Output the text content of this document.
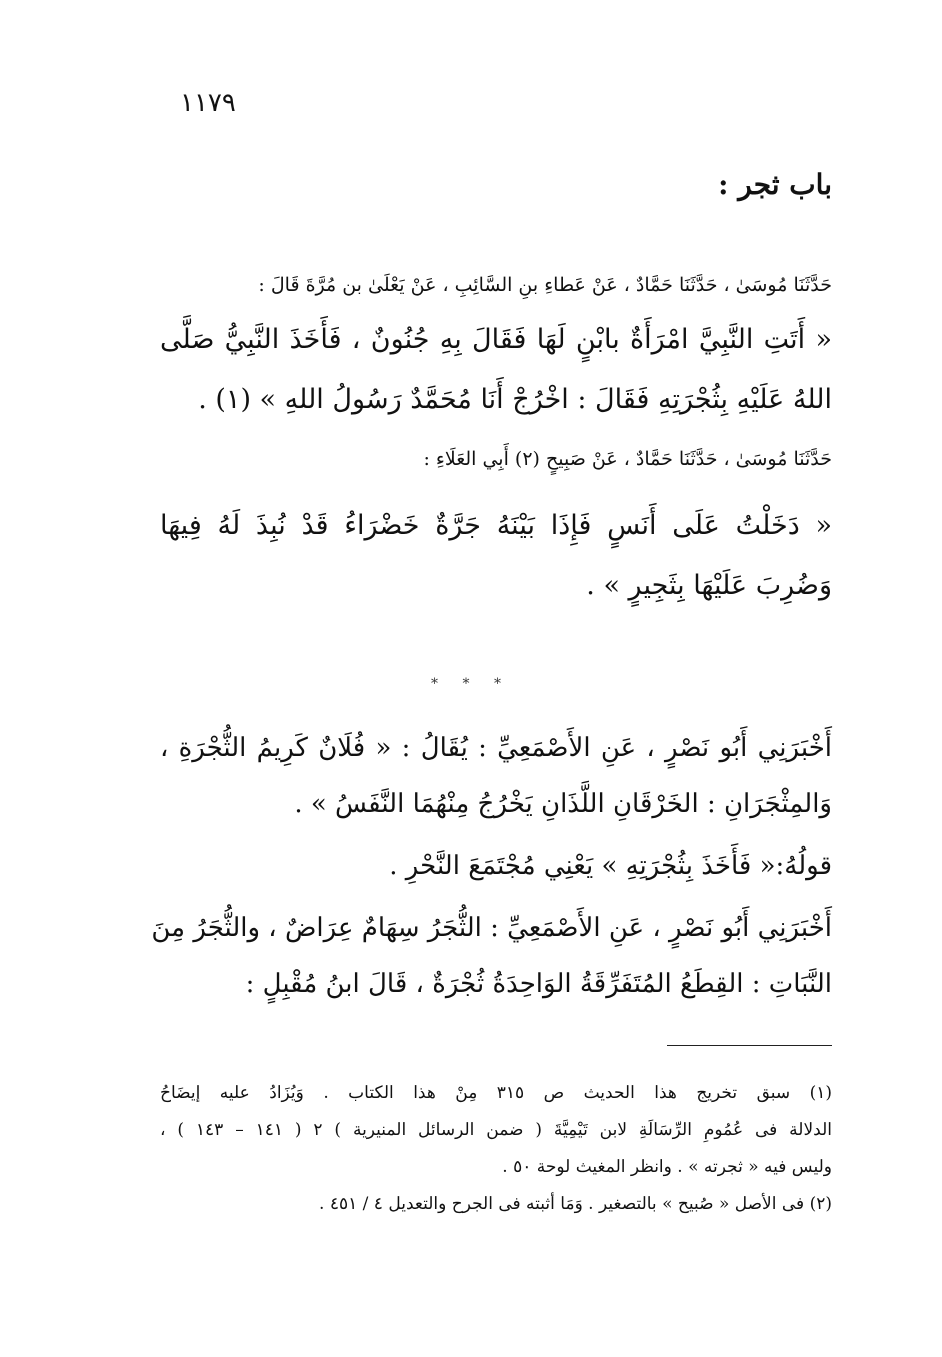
١١٧٩
باب ثجر :
حَدَّثَنَا مُوسَىٰ ، حَدَّثَنَا حَمَّادٌ ، عَنْ عَطاءِ بنِ السَّائِبِ ، عَنْ يَعْلَىٰ بن مُرَّةَ قَالَ :
« أَتَتِ النَّبِيَّ امْرَأَةٌ بابْنٍ لَهَا فَقَالَ بِهِ جُنُونٌ ، فَأَخَذَ النَّبِيُّ صَلَّى
اللهُ عَلَيْهِ بِثُجْرَتِهِ فَقَالَ : اخْرُجْ أَنَا مُحَمَّدٌ رَسُولُ اللهِ » (١) .
حَدَّثَنَا مُوسَىٰ ، حَدَّثَنَا حَمَّادٌ ، عَنْ صَبِيحٍ (٢) أَبِي العَلَاءِ :
« دَخَلْتُ عَلَى أَنَسٍ فَإِذَا بَيْنَهُ جَرَّةٌ خَضْرَاءُ قَدْ نُبِذَ لَهُ فِيهَا
وَضُرِبَ عَلَيْهَا بِثَجِيرٍ » .
* * *
أَخْبَرَنِي أَبُو نَصْرٍ ، عَنِ الأَصْمَعِيِّ : يُقَالُ : « فُلَانٌ كَرِيمُ الثُّجْرَةِ ،
وَالمِثْجَرَانِ : الخَرْقَانِ اللَّذَانِ يَخْرُجُ مِنْهُمَا النَّفَسُ » .
قولُهُ:« فَأَخَذَ بِثُجْرَتِهِ » يَعْنِي مُجْتَمَعَ النَّحْرِ .
أَخْبَرَنِي أَبُو نَصْرٍ ، عَنِ الأَصْمَعِيِّ : الثُّجَرُ سِهَامٌ عِرَاضٌ ، والثُّجَرُ مِنَ
النَّبَاتِ : القِطَعُ المُتَفَرِّقَةُ الوَاحِدَةُ ثُجْرَةٌ ، قَالَ ابنُ مُقْبِلٍ :
(١) سبق تخريج هذا الحديث ص ٣١٥ مِنْ هذا الكتاب . وَيُزَادُ عليه إيضَاحُ
الدلالة فى عُمُومِ الرِّسَالَةِ لابن تَيْمِيَّةَ ( ضمن الرسائل المنيرية ) ٢ ( ١٤١ – ١٤٣ ) ،
وليس فيه « ثجرته » . وانظر المغيث لوحة ٥٠ .
(٢) فى الأصل « صُبيح » بالتصغير . وَمَا أثبته فى الجرح والتعديل ٤ / ٤٥١ .
